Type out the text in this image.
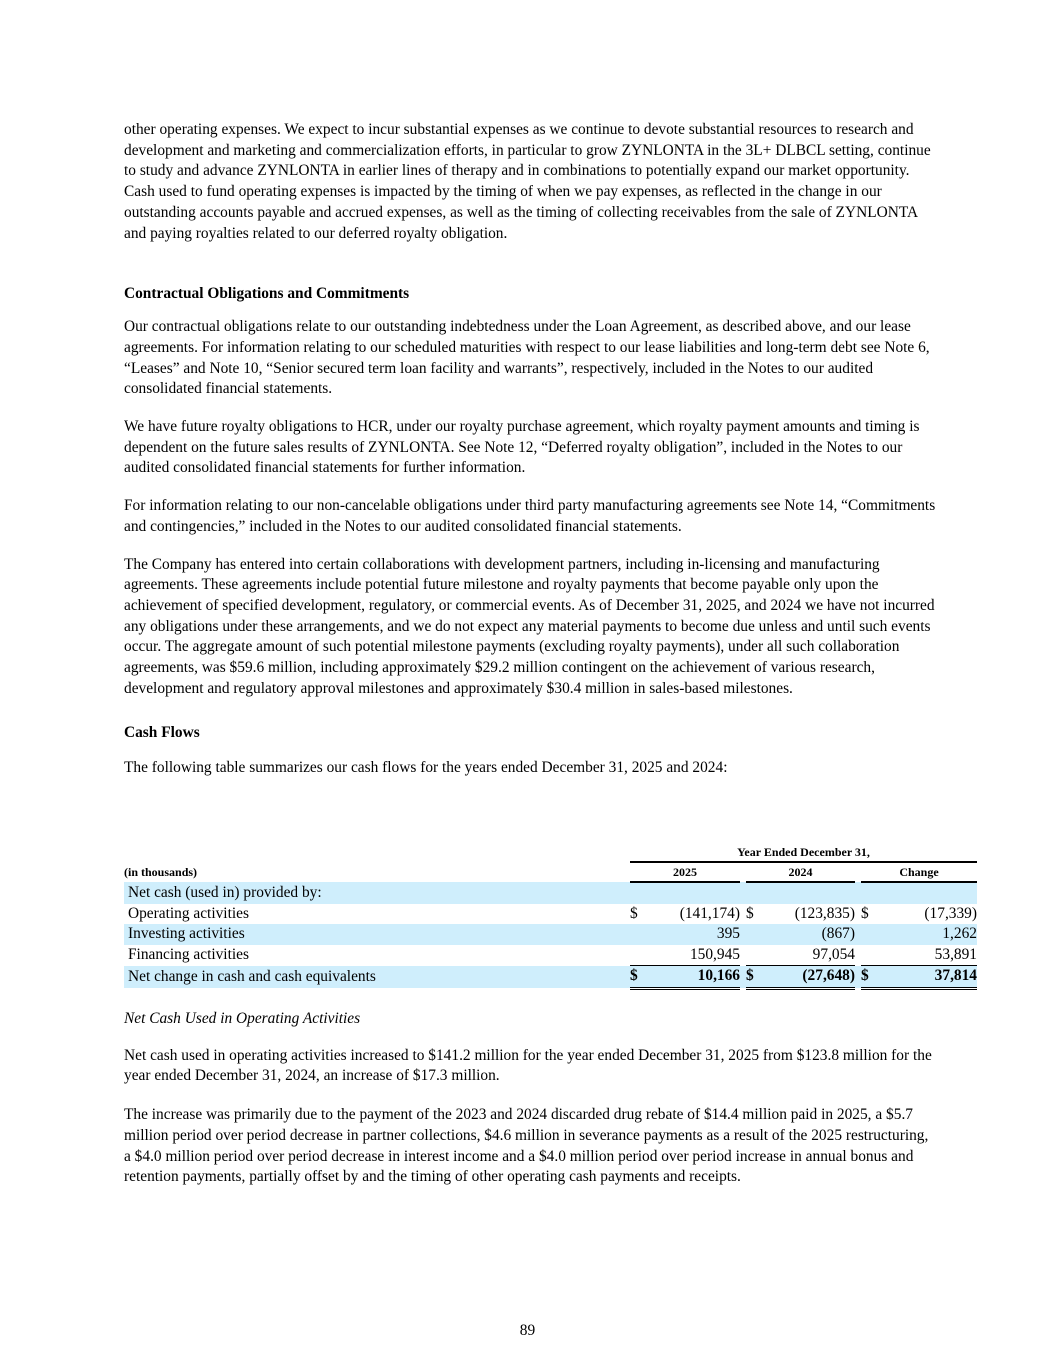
other operating expenses. We expect to incur substantial expenses as we continue to devote substantial resources to research and development and marketing and commercialization efforts, in particular to grow ZYNLONTA in the 3L+ DLBCL setting, continue to study and advance ZYNLONTA in earlier lines of therapy and in combinations to potentially expand our market opportunity. Cash used to fund operating expenses is impacted by the timing of when we pay expenses, as reflected in the change in our outstanding accounts payable and accrued expenses, as well as the timing of collecting receivables from the sale of ZYNLONTA and paying royalties related to our deferred royalty obligation.

Contractual Obligations and Commitments

Our contractual obligations relate to our outstanding indebtedness under the Loan Agreement, as described above, and our lease agreements. For information relating to our scheduled maturities with respect to our lease liabilities and long-term debt see Note 6, “Leases” and Note 10, “Senior secured term loan facility and warrants”, respectively, included in the Notes to our audited consolidated financial statements.

We have future royalty obligations to HCR, under our royalty purchase agreement, which royalty payment amounts and timing is dependent on the future sales results of ZYNLONTA. See Note 12, “Deferred royalty obligation”, included in the Notes to our audited consolidated financial statements for further information.

For information relating to our non-cancelable obligations under third party manufacturing agreements see Note 14, “Commitments and contingencies,” included in the Notes to our audited consolidated financial statements.

The Company has entered into certain collaborations with development partners, including in-licensing and manufacturing agreements. These agreements include potential future milestone and royalty payments that become payable only upon the achievement of specified development, regulatory, or commercial events. As of December 31, 2025, and 2024 we have not incurred any obligations under these arrangements, and we do not expect any material payments to become due unless and until such events occur. The aggregate amount of such potential milestone payments (excluding royalty payments), under all such collaboration agreements, was $59.6 million, including approximately $29.2 million contingent on the achievement of various research, development and regulatory approval milestones and approximately $30.4 million in sales-based milestones.

Cash Flows

The following table summarizes our cash flows for the years ended December 31, 2025 and 2024:

	Year Ended December 31,							
(in thousands)	2025			2024			Change	
Net cash (used in) provided by:								
Operating activities	$	(141,174)		$	(123,835)		$	(17,339)
Investing activities		395			(867)			1,262
Financing activities		150,945			97,054			53,891
Net change in cash and cash equivalents	$	10,166		$	(27,648)		$	37,814

Net Cash Used in Operating Activities

Net cash used in operating activities increased to $141.2 million for the year ended December 31, 2025 from $123.8 million for the year ended December 31, 2024, an increase of $17.3 million.

The increase was primarily due to the payment of the 2023 and 2024 discarded drug rebate of $14.4 million paid in 2025, a $5.7 million period over period decrease in partner collections, $4.6 million in severance payments as a result of the 2025 restructuring, a $4.0 million period over period decrease in interest income and a $4.0 million period over period increase in annual bonus and retention payments, partially offset by and the timing of other operating cash payments and receipts.

89
